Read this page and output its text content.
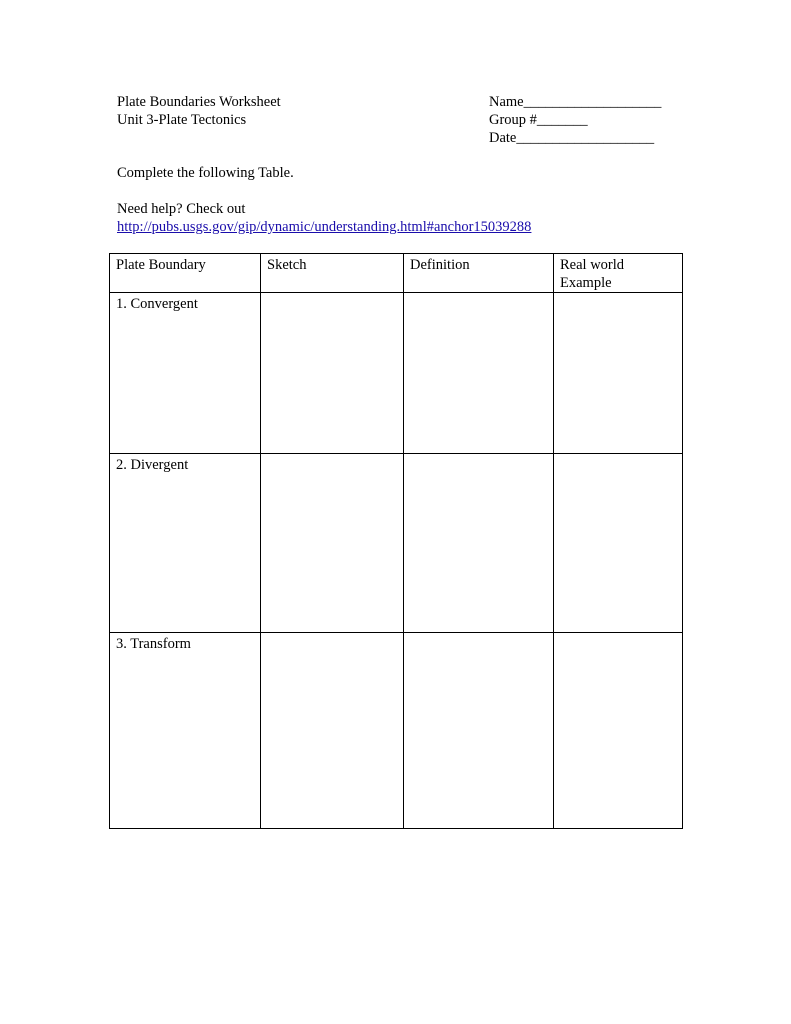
Plate Boundaries Worksheet
Unit 3-Plate Tectonics
Name___________________
Group #_______
Date___________________
Complete the following Table.
Need help? Check out
http://pubs.usgs.gov/gip/dynamic/understanding.html#anchor15039288
Plate Boundary	Sketch	Definition	Real world
Example

1. Convergent			
2. Divergent			
3. Transform			
